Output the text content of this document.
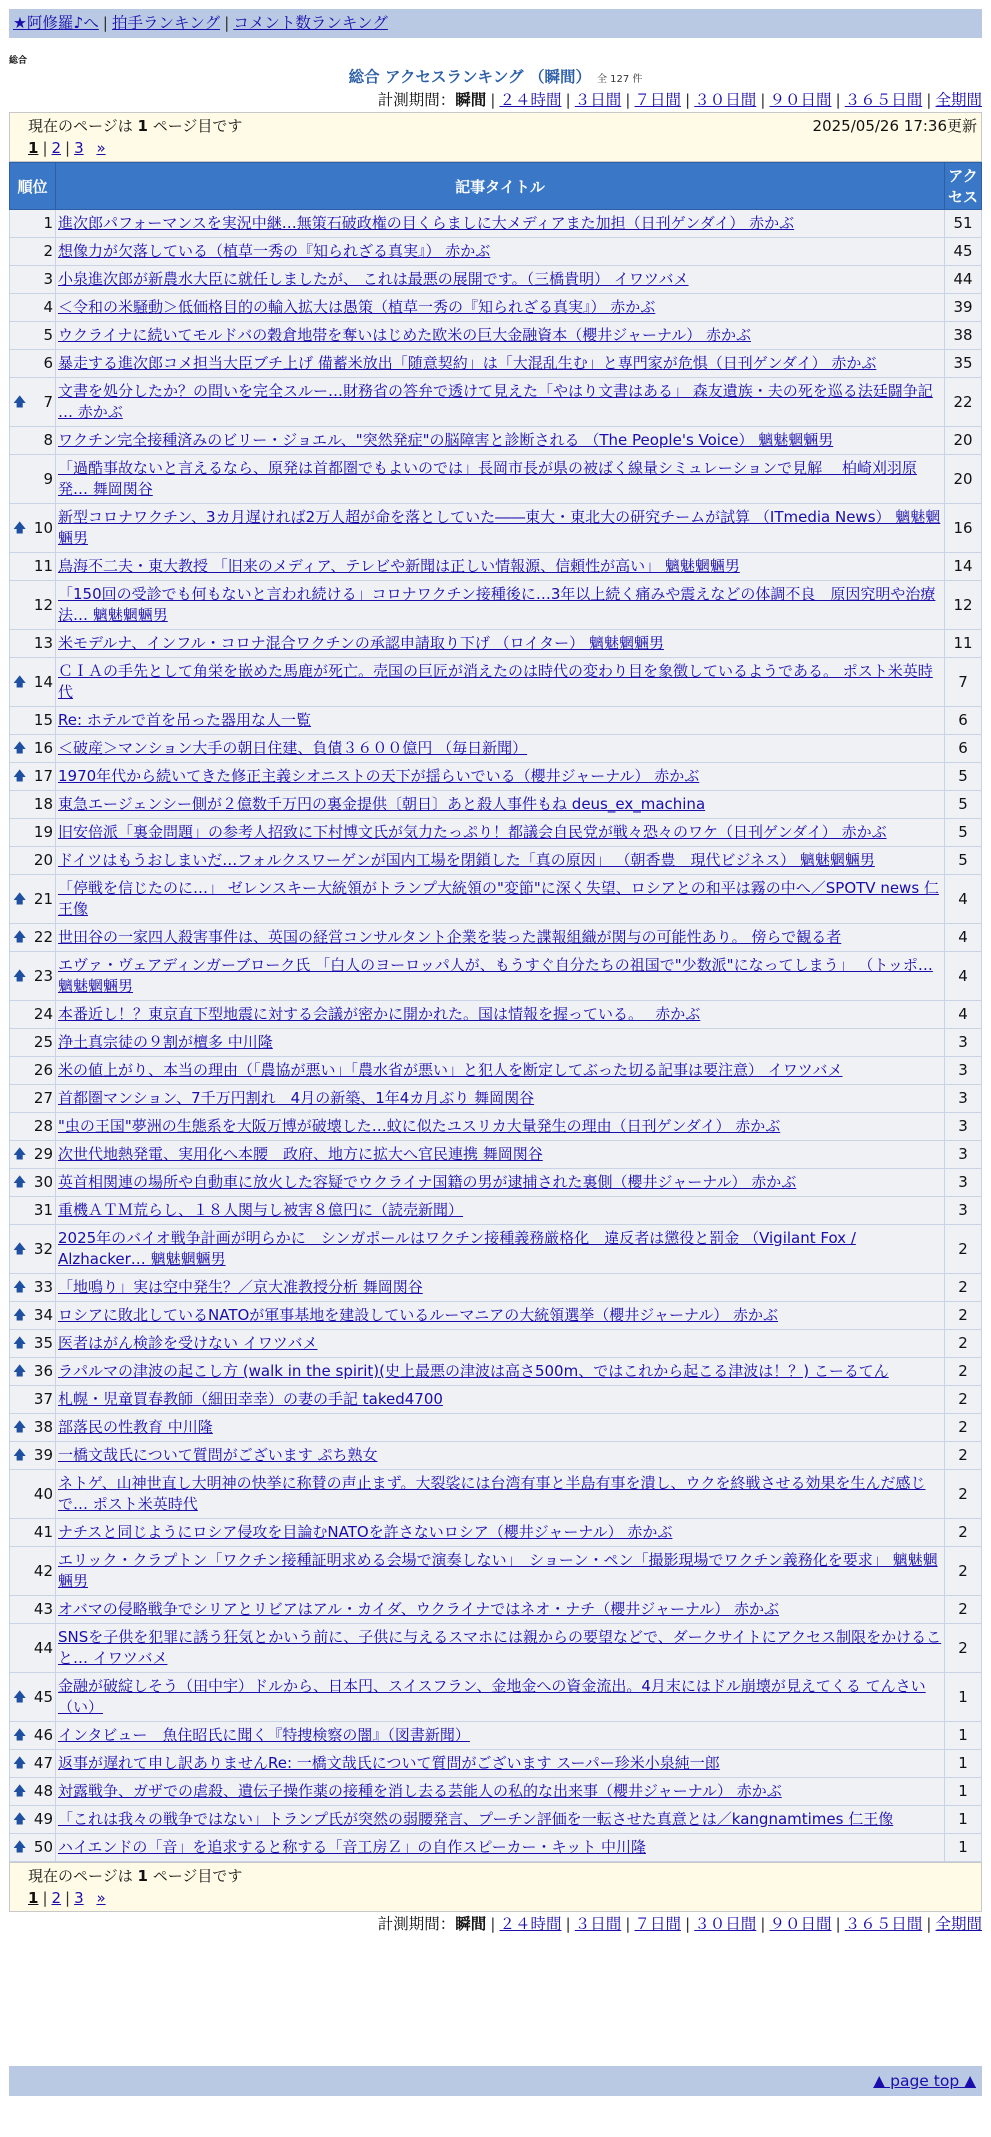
★阿修羅♪へ | 拍手ランキング | コメント数ランキング
総合
総合 アクセスランキング （瞬間） 全 127 件
計測期間：瞬間 | ２４時間 | ３日間 | ７日間 | ３０日間 | ９０日間 | ３６５日間 | 全期間
現在のページは 1 ページ目です	2025/05/26 17:36更新
1 | 2 | 3 »
順位	記事タイトル	アクセス
1	進次郎パフォーマンスを実況中継…無策石破政権の目くらましに大メディアまた加担（日刊ゲンダイ） 赤かぶ	51
2	想像力が欠落している（植草一秀の『知られざる真実』） 赤かぶ	45
3	小泉進次郎が新農水大臣に就任しましたが、 これは最悪の展開です。（三橋貴明） イワツバメ	44
4	＜令和の米騒動＞低価格目的の輸入拡大は愚策（植草一秀の『知られざる真実』） 赤かぶ	39
5	ウクライナに続いてモルドバの穀倉地帯を奪いはじめた欧米の巨大金融資本（櫻井ジャーナル） 赤かぶ	38
6	暴走する進次郎コメ担当大臣ブチ上げ 備蓄米放出「随意契約」は「大混乱生む」と専門家が危惧（日刊ゲンダイ） 赤かぶ	35

🡅 7	文書を処分したか？の問いを完全スルー…財務省の答弁で透けて見えた「やはり文書はある」 森友遺族・夫の死を巡る法廷闘争記 … 赤かぶ	22
8	ワクチン完全接種済みのビリー・ジョエル、"突然発症"の脳障害と診断される （The People's Voice） 魑魅魍魎男	20
9	「過酷事故ないと言えるなら、原発は首都圏でもよいのでは」長岡市長が県の被ばく線量シミュレーションで見解 　柏崎刈羽原発… 舞岡関谷	20

🡅 10	新型コロナワクチン、3カ月遅ければ2万人超が命を落としていた――東大・東北大の研究チームが試算 （ITmedia News） 魑魅魍魎男	16
11	鳥海不二夫・東大教授 「旧来のメディア、テレビや新聞は正しい情報源、信頼性が高い」 魑魅魍魎男	14
12	「150回の受診でも何もないと言われ続ける」コロナワクチン接種後に…3年以上続く痛みや震えなどの体調不良　原因究明や治療法… 魑魅魍魎男	12
13	米モデルナ、インフル・コロナ混合ワクチンの承認申請取り下げ （ロイター） 魑魅魍魎男	11

🡅 14	ＣＩＡの手先として角栄を嵌めた馬鹿が死亡。売国の巨匠が消えたのは時代の変わり目を象徴しているようである。 ポスト米英時代	7
15	Re: ホテルで首を吊った器用な人一覧	6

🡅 16	＜破産＞マンション大手の朝日住建、負債３６００億円 （毎日新聞）	6

🡅 17	1970年代から続いてきた修正主義シオニストの天下が揺らいでいる（櫻井ジャーナル） 赤かぶ	5
18	東急エージェンシー側が２億数千万円の裏金提供〔朝日〕あと殺人事件もね deus_ex_machina	5
19	旧安倍派「裏金問題」の参考人招致に下村博文氏が気力たっぷり！都議会自民党が戦々恐々のワケ（日刊ゲンダイ） 赤かぶ	5
20	ドイツはもうおしまいだ…フォルクスワーゲンが国内工場を閉鎖した「真の原因」 （朝香豊　現代ビジネス） 魑魅魍魎男	5

🡅 21	「停戦を信じたのに…」 ゼレンスキー大統領がトランプ大統領の"変節"に深く失望、ロシアとの和平は霧の中へ／SPOTV news 仁王像	4

🡅 22	世田谷の一家四人殺害事件は、英国の経営コンサルタント企業を装った諜報組織が関与の可能性あり。 傍らで観る者	4

🡅 23	エヴァ・ヴェアディンガーブローク氏 「白人のヨーロッパ人が、もうすぐ自分たちの祖国で"少数派"になってしまう」 （トッポ… 魑魅魍魎男	4
24	本番近し！？東京直下型地震に対する会議が密かに開かれた。国は情報を握っている。　 赤かぶ	4
25	浄土真宗徒の９割が檀多 中川隆	3
26	米の値上がり、本当の理由（「農協が悪い」「農水省が悪い」と犯人を断定してぶった切る記事は要注意） イワツバメ	3
27	首都圏マンション、7千万円割れ　4月の新築、1年4カ月ぶり 舞岡関谷	3
28	"虫の王国"夢洲の生態系を大阪万博が破壊した…蚊に似たユスリカ大量発生の理由（日刊ゲンダイ） 赤かぶ	3

🡅 29	次世代地熱発電、実用化へ本腰　政府、地方に拡大へ官民連携 舞岡関谷	3

🡅 30	英首相関連の場所や自動車に放火した容疑でウクライナ国籍の男が逮捕された裏側（櫻井ジャーナル） 赤かぶ	3
31	重機ＡＴＭ荒らし、１８人関与し被害８億円に（読売新聞）	3

🡅 32	2025年のバイオ戦争計画が明らかに　シンガポールはワクチン接種義務厳格化　違反者は懲役と罰金 （Vigilant Fox / Alzhacker… 魑魅魍魎男	2

🡅 33	「地鳴り」実は空中発生？／京大准教授分析 舞岡関谷	2

🡅 34	ロシアに敗北しているNATOが軍事基地を建設しているルーマニアの大統領選挙（櫻井ジャーナル） 赤かぶ	2

🡅 35	医者はがん検診を受けない イワツバメ	2

🡅 36	ラパルマの津波の起こし方 (walk in the spirit)(史上最悪の津波は高さ500m、ではこれから起こる津波は！？) こーるてん	2
37	札幌・児童買春教師（細田幸幸）の妻の手記 taked4700	2

🡅 38	部落民の性教育 中川隆	2

🡅 39	一橋文哉氏について質問がございます ぷち熟女	2
40	ネトゲ、山神世直し大明神の快挙に称賛の声止まず。大裂裟には台湾有事と半島有事を潰し、ウクを終戦させる効果を生んだ感じで… ポスト米英時代	2
41	ナチスと同じようにロシア侵攻を目論むNATOを許さないロシア（櫻井ジャーナル） 赤かぶ	2
42	エリック・クラプトン「ワクチン接種証明求める会場で演奏しない」　ショーン・ペン「撮影現場でワクチン義務化を要求」 魑魅魍魎男	2
43	オバマの侵略戦争でシリアとリビアはアル・カイダ、ウクライナではネオ・ナチ（櫻井ジャーナル） 赤かぶ	2
44	SNSを子供を犯罪に誘う狂気とかいう前に、子供に与えるスマホには親からの要望などで、ダークサイトにアクセス制限をかけること… イワツバメ	2

🡅 45	金融が破綻しそう（田中宇）ドルから、日本円、スイスフラン、金地金への資金流出。4月末にはドル崩壊が見えてくる てんさい（い）	1

🡅 46	インタビュー　魚住昭氏に聞く『特捜検察の闇』（図書新聞）	1

🡅 47	返事が遅れて申し訳ありませんRe: 一橋文哉氏について質問がございます スーパー珍米小泉純一郎	1

🡅 48	対露戦争、ガザでの虐殺、遺伝子操作薬の接種を消し去る芸能人の私的な出来事（櫻井ジャーナル） 赤かぶ	1

🡅 49	「これは我々の戦争ではない」トランプ氏が突然の弱腰発言、プーチン評価を一転させた真意とは／kangnamtimes 仁王像	1

🡅 50	ハイエンドの「音」を追求すると称する「音工房Ｚ」の自作スピーカー・キット 中川隆	1
現在のページは 1 ページ目です
1 | 2 | 3 »
計測期間：瞬間 | ２４時間 | ３日間 | ７日間 | ３０日間 | ９０日間 | ３６５日間 | 全期間
▲ page top ▲
